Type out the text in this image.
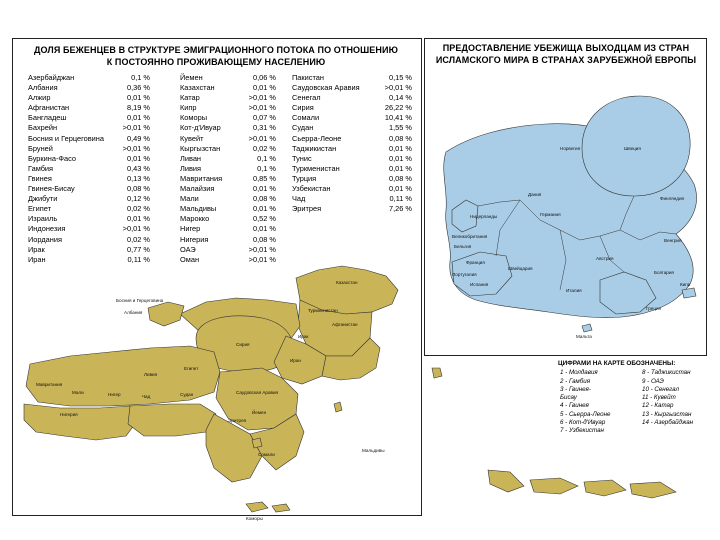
ДОЛЯ БЕЖЕНЦЕВ В СТРУКТУРЕ ЭМИГРАЦИОННОГО ПОТОКА ПО ОТНОШЕНИЮ К ПОСТОЯННО ПРОЖИВАЮЩЕМУ НАСЕЛЕНИЮ
ПРЕДОСТАВЛЕНИЕ УБЕЖИЩА ВЫХОДЦАМ ИЗ СТРАН ИСЛАМСКОГО МИРА В СТРАНАХ ЗАРУБЕЖНОЙ ЕВРОПЫ
Азербайджан	0,1 %
Албания	0,36 %
Алжир	0,01 %
Афганистан	8,19 %
Бангладеш	0,01 %
Бахрейн	>0,01 %
Босния и Герцеговина	0,49 %
Бруней	>0,01 %
Буркина-Фасо	0,01 %
Гамбия	0,43 %
Гвинея	0,13 %
Гвинея-Бисау	0,08 %
Джибути	0,12 %
Египет	0,02 %
Израиль	0,01 %
Индонезия	>0,01 %
Иордания	0,02 %
Ирак	0,77 %
Иран	0,11 %
Йемен	0,06 %
Казахстан	0,01 %
Катар	>0,01 %
Кипр	>0,01 %
Коморы	0,07 %
Кот-д'Ивуар	0,31 %
Кувейт	>0,01 %
Кыргызстан	0,02 %
Ливан	0,1 %
Ливия	0,1 %
Мавритания	0,85 %
Малайзия	0,01 %
Мали	0,08 %
Мальдивы	0,01 %
Марокко	0,52 %
Нигер	0,01 %
Нигерия	0,08 %
ОАЭ	>0,01 %
Оман	>0,01 %
Пакистан	0,15 %
Саудовская Аравия	>0,01 %
Сенегал	0,14 %
Сирия	26,22 %
Сомали	10,41 %
Судан	1,55 %
Сьерра-Леоне	0,08 %
Таджикистан	0,01 %
Тунис	0,01 %
Туркменистан	0,01 %
Турция	0,08 %
Узбекистан	0,01 %
Чад	0,11 %
Эритрея	7,26 %
Казахстан
Туркменистан
Афганистан
Босния и Герцеговина
Албания
Сирия
Ирак
Иран
Ливия
Египет
Саудовская Аравия
Мавритания
Мали	Нигер	Чад	Судан
Нигерия
Эритрея
Йемен
Сомали
Коморы
Мальдивы
Швеция
Норвегия
Финляндия
Дания
Германия
Нидерланды
Великобритания
Бельгия
Франция
Швейцария
Австрия
Венгрия
Болгария
Испания
Португалия
Италия
Греция
Кипр
Мальта
ЦИФРАМИ НА КАРТЕ ОБОЗНАЧЕНЫ:
1 - Молдавия	8 - Таджикистан
2 - Гамбия	9 - ОАЭ
3 - Гвинея-	10 - Сенегал
Бисау	11 - Кувейт
4 - Гвинея	12 - Катар
5 - Сьерра-Леоне	13 - Кыргызстан
6 - Кот-д'Ивуар	14 - Азербайджан
7 - Узбекистан
